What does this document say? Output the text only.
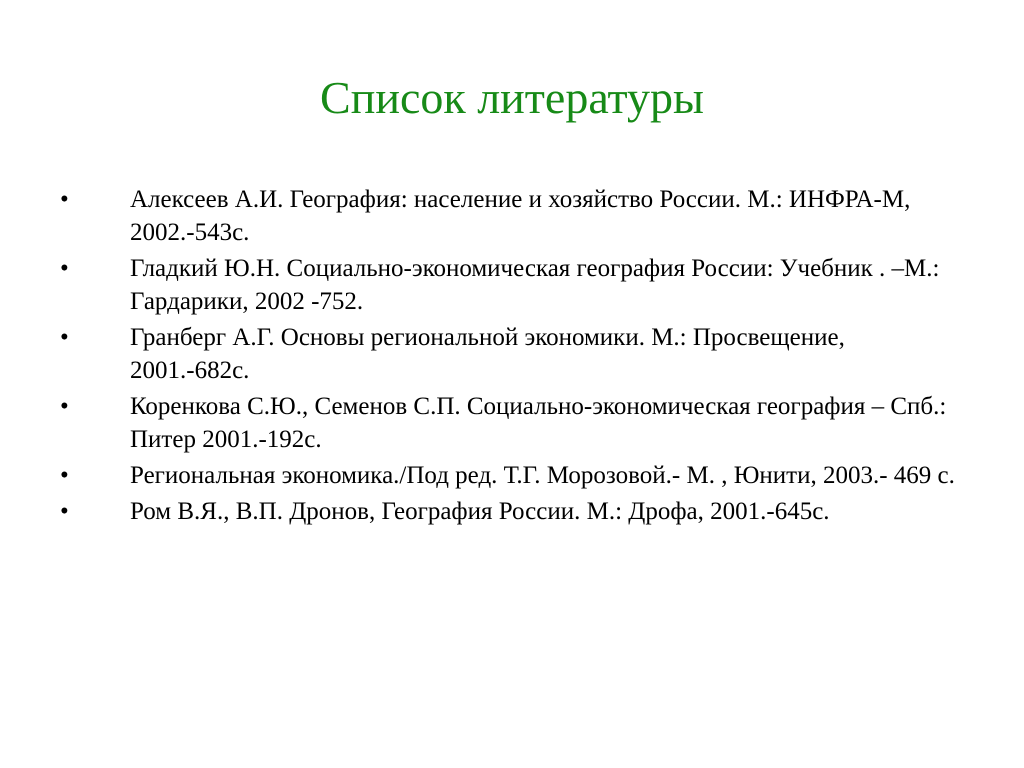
Список литературы
•	Алексеев А.И. География: население и хозяйство России. М.: ИНФРА-М, 2002.-543с.
•	Гладкий Ю.Н. Социально-экономическая география России: Учебник . –М.: Гардарики, 2002 -752.
•	Гранберг А.Г. Основы региональной экономики. М.: Просвещение, 2001.-682с.
•	Коренкова С.Ю., Семенов С.П. Социально-экономическая география – Спб.: Питер 2001.-192с.
•	Региональная экономика./Под ред. Т.Г. Морозовой.- М. , Юнити, 2003.- 469 с.
•	Ром В.Я., В.П. Дронов, География России. М.: Дрофа, 2001.-645с.
